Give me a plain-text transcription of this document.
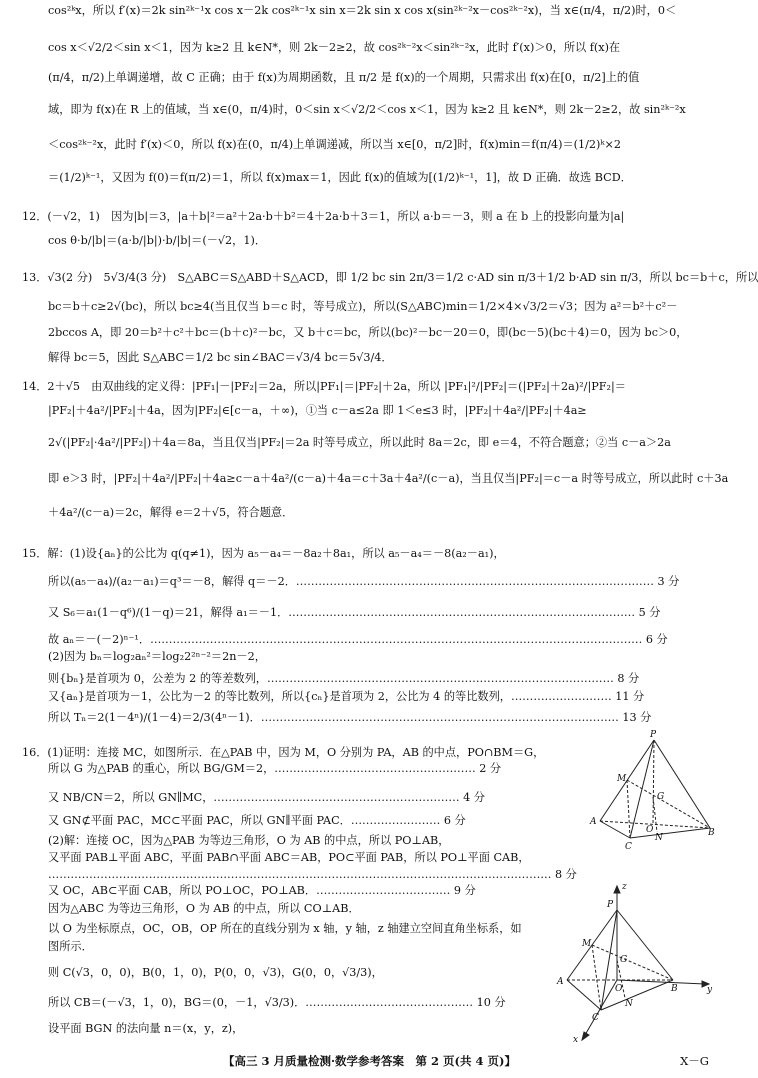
cos²ᵏx，所以 f′(x)＝2k sin²ᵏ⁻¹x cos x－2k cos²ᵏ⁻¹x sin x＝2k sin x cos x(sin²ᵏ⁻²x－cos²ᵏ⁻²x)，当 x∈(π/4，π/2)时，0＜
cos x＜√2/2＜sin x＜1，因为 k≥2 且 k∈N*，则 2k－2≥2，故 cos²ᵏ⁻²x＜sin²ᵏ⁻²x，此时 f′(x)＞0，所以 f(x)在
(π/4，π/2)上单调递增，故 C 正确；由于 f(x)为周期函数，且 π/2 是 f(x)的一个周期，只需求出 f(x)在[0，π/2]上的值
域，即为 f(x)在 R 上的值域，当 x∈(0，π/4)时，0＜sin x＜√2/2＜cos x＜1，因为 k≥2 且 k∈N*，则 2k－2≥2，故 sin²ᵏ⁻²x
＜cos²ᵏ⁻²x，此时 f′(x)＜0，所以 f(x)在(0，π/4)上单调递减，所以当 x∈[0，π/2]时，f(x)min＝f(π/4)＝(1/2)ᵏ×2
＝(1/2)ᵏ⁻¹，又因为 f(0)＝f(π/2)＝1，所以 f(x)max＝1，因此 f(x)的值域为[(1/2)ᵏ⁻¹，1]，故 D 正确．故选 BCD．
12．(－√2，1)　因为|b|＝3，|a＋b|²＝a²＋2a·b＋b²＝4＋2a·b＋3＝1，所以 a·b＝－3，则 a 在 b 上的投影向量为|a|
cos θ·b/|b|＝(a·b/|b|)·b/|b|＝(－√2，1)．
13．√3(2 分)　5√3/4(3 分)　S△ABC＝S△ABD＋S△ACD，即 1/2 bc sin 2π/3＝1/2 c·AD sin π/3＋1/2 b·AD sin π/3，所以 bc＝b＋c，所以
bc＝b＋c≥2√(bc)，所以 bc≥4(当且仅当 b＝c 时，等号成立)，所以(S△ABC)min＝1/2×4×√3/2＝√3；因为 a²＝b²＋c²－
2bccos A，即 20＝b²＋c²＋bc＝(b＋c)²－bc，又 b＋c＝bc，所以(bc)²－bc－20＝0，即(bc－5)(bc＋4)＝0，因为 bc＞0，
解得 bc＝5，因此 S△ABC＝1/2 bc sin∠BAC＝√3/4 bc＝5√3/4．
14．2＋√5　由双曲线的定义得：|PF₁|－|PF₂|＝2a，所以|PF₁|＝|PF₂|＋2a，所以 |PF₁|²/|PF₂|＝(|PF₂|＋2a)²/|PF₂|＝
|PF₂|＋4a²/|PF₂|＋4a，因为|PF₂|∈[c－a，＋∞)，①当 c－a≤2a 即 1＜e≤3 时，|PF₂|＋4a²/|PF₂|＋4a≥
2√(|PF₂|·4a²/|PF₂|)＋4a＝8a，当且仅当|PF₂|＝2a 时等号成立，所以此时 8a＝2c，即 e＝4，不符合题意；②当 c－a＞2a
即 e＞3 时，|PF₂|＋4a²/|PF₂|＋4a≥c－a＋4a²/(c－a)＋4a＝c＋3a＋4a²/(c－a)，当且仅当|PF₂|＝c－a 时等号成立，所以此时 c＋3a
＋4a²/(c－a)＝2c，解得 e＝2＋√5，符合题意．
15．解：(1)设{aₙ}的公比为 q(q≠1)，因为 a₅－a₄＝－8a₂＋8a₁，所以 a₅－a₄＝－8(a₂－a₁)，
所以(a₅－a₄)/(a₂－a₁)＝q³＝－8，解得 q＝－2．…………………………………………………………………………………… 3 分
又 S₆＝a₁(1－q⁶)/(1－q)＝21，解得 a₁＝－1．………………………………………………………………………………… 5 分
故 aₙ＝－(－2)ⁿ⁻¹．…………………………………………………………………………………………………………………… 6 分
(2)因为 bₙ＝log₂aₙ²＝log₂2²ⁿ⁻²＝2n－2，
则{bₙ}是首项为 0，公差为 2 的等差数列，………………………………………………………………………………… 8 分
又{aₙ}是首项为－1，公比为－2 的等比数列，所以{cₙ}是首项为 2，公比为 4 的等比数列，……………………… 11 分
所以 Tₙ＝2(1－4ⁿ)/(1－4)＝2/3(4ⁿ－1)．…………………………………………………………………………………… 13 分
16．(1)证明：连接 MC，如图所示．在△PAB 中，因为 M，O 分别为 PA，AB 的中点，PO∩BM＝G，
所以 G 为△PAB 的重心，所以 BG/GM＝2，……………………………………………… 2 分
又 NB/CN＝2，所以 GN∥MC，………………………………………………………… 4 分
又 GN⊄平面 PAC，MC⊂平面 PAC，所以 GN∥平面 PAC．…………………… 6 分
(2)解：连接 OC，因为△PAB 为等边三角形，O 为 AB 的中点，所以 PO⊥AB，
又平面 PAB⊥平面 ABC，平面 PAB∩平面 ABC＝AB，PO⊂平面 PAB，所以 PO⊥平面 CAB，
……………………………………………………………………………………………………………………… 8 分
又 OC，AB⊂平面 CAB，所以 PO⊥OC，PO⊥AB．……………………………… 9 分
因为△ABC 为等边三角形，O 为 AB 的中点，所以 CO⊥AB．
以 O 为坐标原点，OC，OB，OP 所在的直线分别为 x 轴，y 轴，z 轴建立空间直角坐标系，如
图所示．
则 C(√3，0，0)，B(0，1，0)，P(0，0，√3)，G(0，0，√3/3)，
所以 CB＝(－√3，1，0)，BG＝(0，－1，√3/3)．……………………………………… 10 分
设平面 BGN 的法向量 n＝(x，y，z)，
P
M
G
A
O	B
C
N
z
P
M
G
A
O	B	y
C
N
x
【高三 3 月质量检测·数学参考答案　第 2 页(共 4 页)】	X－G
